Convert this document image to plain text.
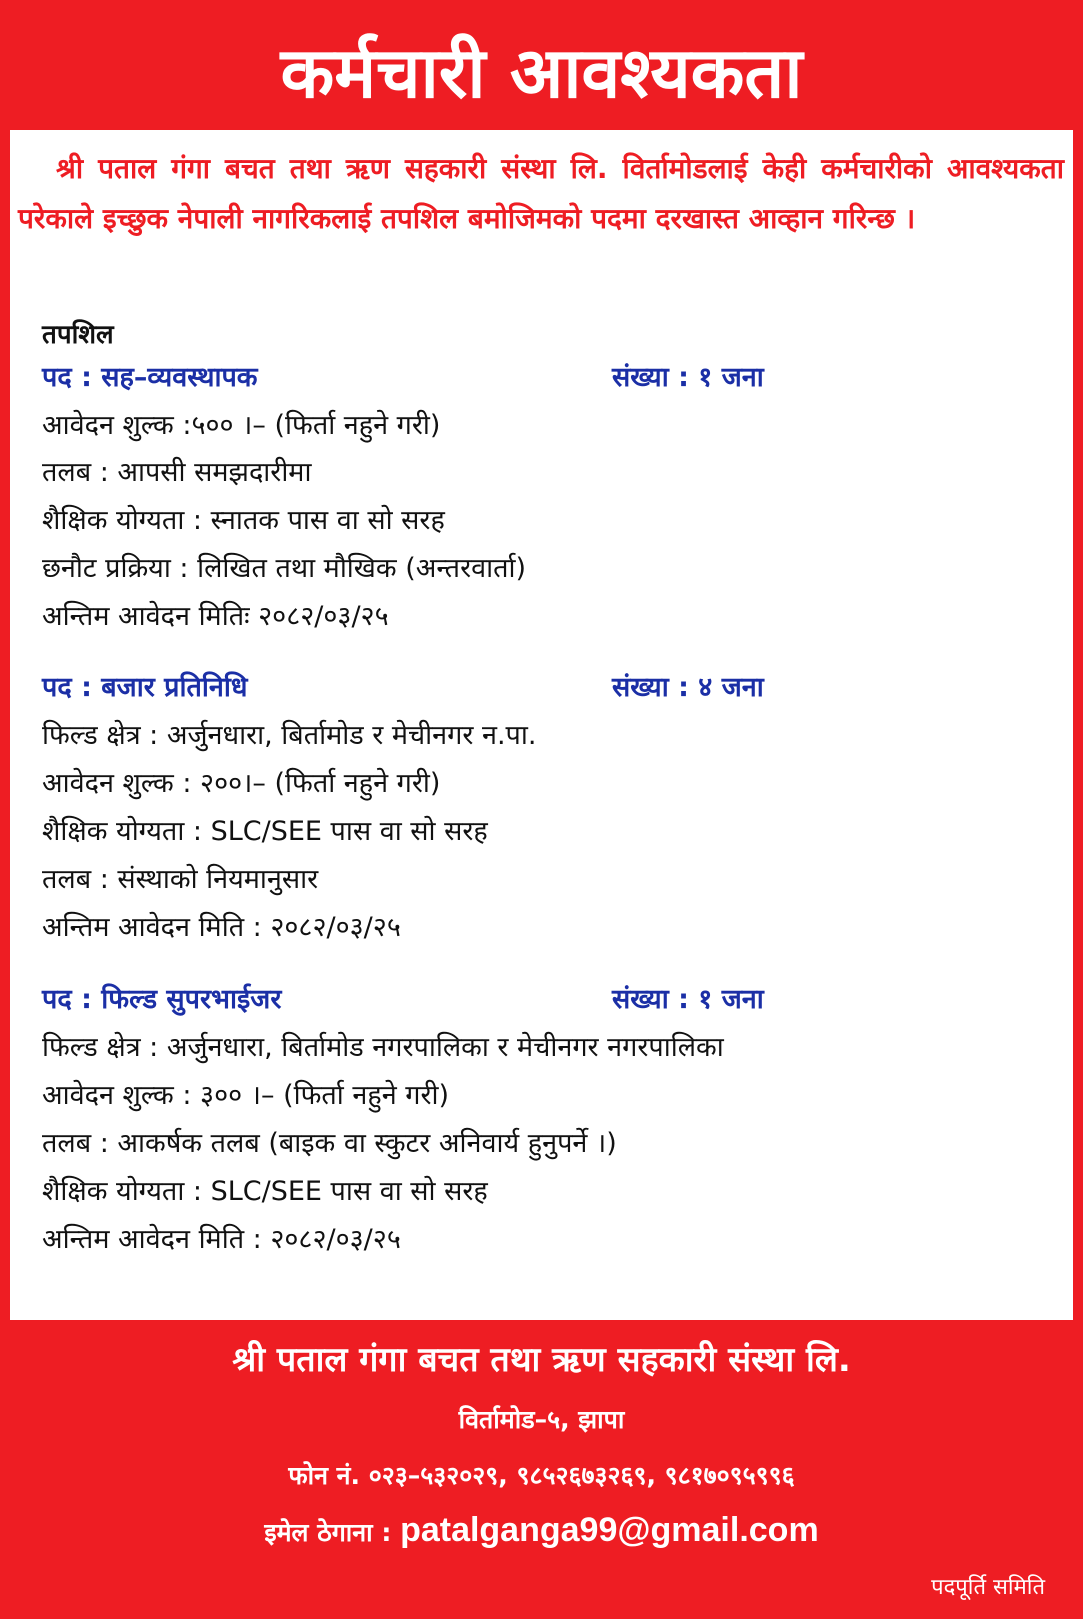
कर्मचारी आवश्यकता
श्री पताल गंगा बचत तथा ऋण सहकारी संस्था लि. विर्तामोडलाई केही कर्मचारीको आवश्यकता परेकाले इच्छुक नेपाली नागरिकलाई तपशिल बमोजिमको पदमा दरखास्त आव्हान गरिन्छ ।
तपशिल
पद : सह–व्यवस्थापक	संख्या : १ जना
आवेदन शुल्क :५०० ।– (फिर्ता नहुने गरी)
तलब : आपसी समझदारीमा
शैक्षिक योग्यता : स्नातक पास वा सो सरह
छनौट प्रक्रिया : लिखित तथा मौखिक (अन्तरवार्ता)
अन्तिम आवेदन मितिः २०८२/०३/२५
पद : बजार प्रतिनिधि	संख्या : ४ जना
फिल्ड क्षेत्र : अर्जुनधारा, बिर्तामोड र मेचीनगर न.पा.
आवेदन शुल्क : २००।– (फिर्ता नहुने गरी)
शैक्षिक योग्यता : SLC/SEE पास वा सो सरह
तलब : संस्थाको नियमानुसार
अन्तिम आवेदन मिति : २०८२/०३/२५
पद : फिल्ड सुपरभाईजर	संख्या : १ जना
फिल्ड क्षेत्र : अर्जुनधारा, बिर्तामोड नगरपालिका र मेचीनगर नगरपालिका
आवेदन शुल्क : ३०० ।– (फिर्ता नहुने गरी)
तलब : आकर्षक तलब (बाइक वा स्कुटर अनिवार्य हुनुपर्ने ।)
शैक्षिक योग्यता : SLC/SEE पास वा सो सरह
अन्तिम आवेदन मिति : २०८२/०३/२५
श्री पताल गंगा बचत तथा ऋण सहकारी संस्था लि.
विर्तामोड–५, झापा
फोन नं. ०२३–५३२०२९, ९८५२६७३२६९, ९८१७०९५९९६
इमेल ठेगाना : patalganga99@gmail.com
पदपूर्ति समिति
